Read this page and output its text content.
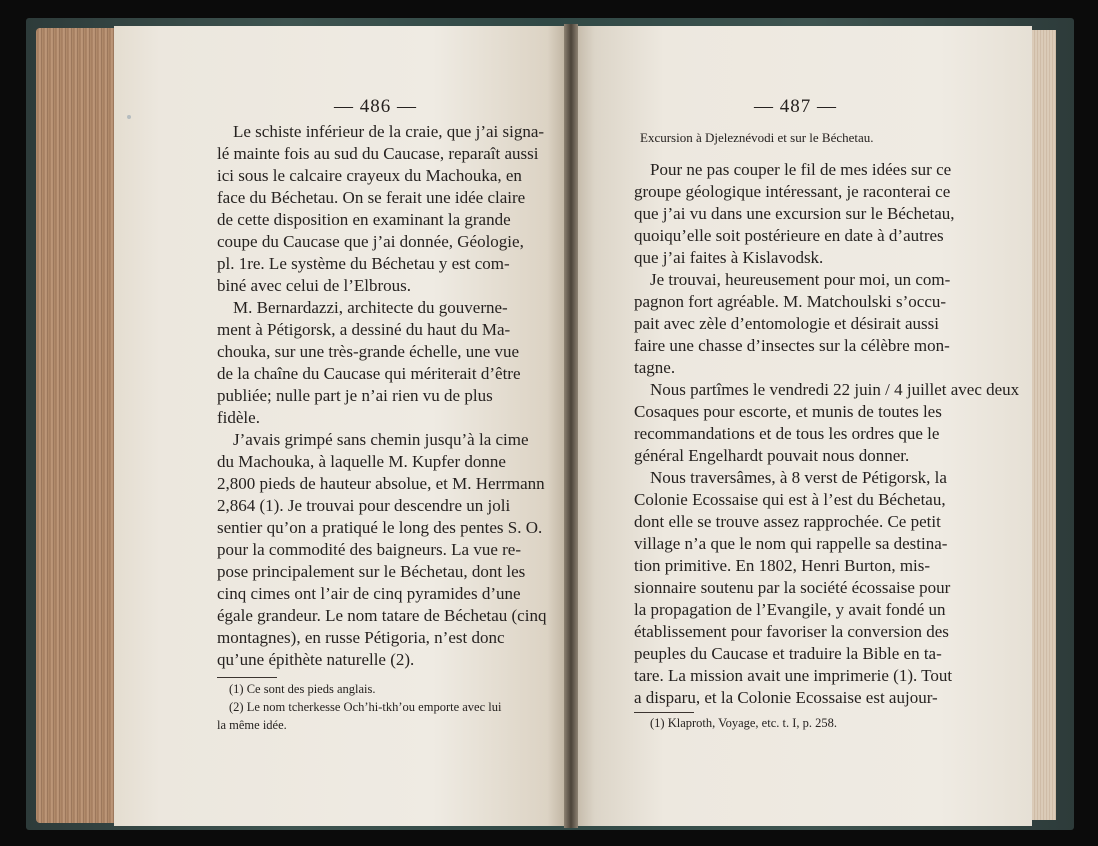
— 486 —
Le schiste inférieur de la craie, que j’ai signa-
lé mainte fois au sud du Caucase, reparaît aussi
ici sous le calcaire crayeux du Machouka, en
face du Béchetau. On se ferait une idée claire
de cette disposition en examinant la grande
coupe du Caucase que j’ai donnée, Géologie,
pl. 1re. Le système du Béchetau y est com-
biné avec celui de l’Elbrous.
M. Bernardazzi, architecte du gouverne-
ment à Pétigorsk, a dessiné du haut du Ma-
chouka, sur une très-grande échelle, une vue
de la chaîne du Caucase qui mériterait d’être
publiée; nulle part je n’ai rien vu de plus
fidèle.
J’avais grimpé sans chemin jusqu’à la cime
du Machouka, à laquelle M. Kupfer donne
2,800 pieds de hauteur absolue, et M. Herrmann
2,864 (1). Je trouvai pour descendre un joli
sentier qu’on a pratiqué le long des pentes S. O.
pour la commodité des baigneurs. La vue re-
pose principalement sur le Béchetau, dont les
cinq cimes ont l’air de cinq pyramides d’une
égale grandeur. Le nom tatare de Béchetau (cinq
montagnes), en russe Pétigoria, n’est donc
qu’une épithète naturelle (2).
(1) Ce sont des pieds anglais.
(2) Le nom tcherkesse Och’hi-tkh’ou emporte avec lui
la même idée.
— 487 —
Excursion à Djeleznévodi et sur le Béchetau.
Pour ne pas couper le fil de mes idées sur ce
groupe géologique intéressant, je raconterai ce
que j’ai vu dans une excursion sur le Béchetau,
quoiqu’elle soit postérieure en date à d’autres
que j’ai faites à Kislavodsk.
Je trouvai, heureusement pour moi, un com-
pagnon fort agréable. M. Matchoulski s’occu-
pait avec zèle d’entomologie et désirait aussi
faire une chasse d’insectes sur la célèbre mon-
tagne.
Nous partîmes le vendredi 22 juin / 4 juillet avec deux
Cosaques pour escorte, et munis de toutes les
recommandations et de tous les ordres que le
général Engelhardt pouvait nous donner.
Nous traversâmes, à 8 verst de Pétigorsk, la
Colonie Ecossaise qui est à l’est du Béchetau,
dont elle se trouve assez rapprochée. Ce petit
village n’a que le nom qui rappelle sa destina-
tion primitive. En 1802, Henri Burton, mis-
sionnaire soutenu par la société écossaise pour
la propagation de l’Evangile, y avait fondé un
établissement pour favoriser la conversion des
peuples du Caucase et traduire la Bible en ta-
tare. La mission avait une imprimerie (1). Tout
a disparu, et la Colonie Ecossaise est aujour-
(1) Klaproth, Voyage, etc. t. I, p. 258.
